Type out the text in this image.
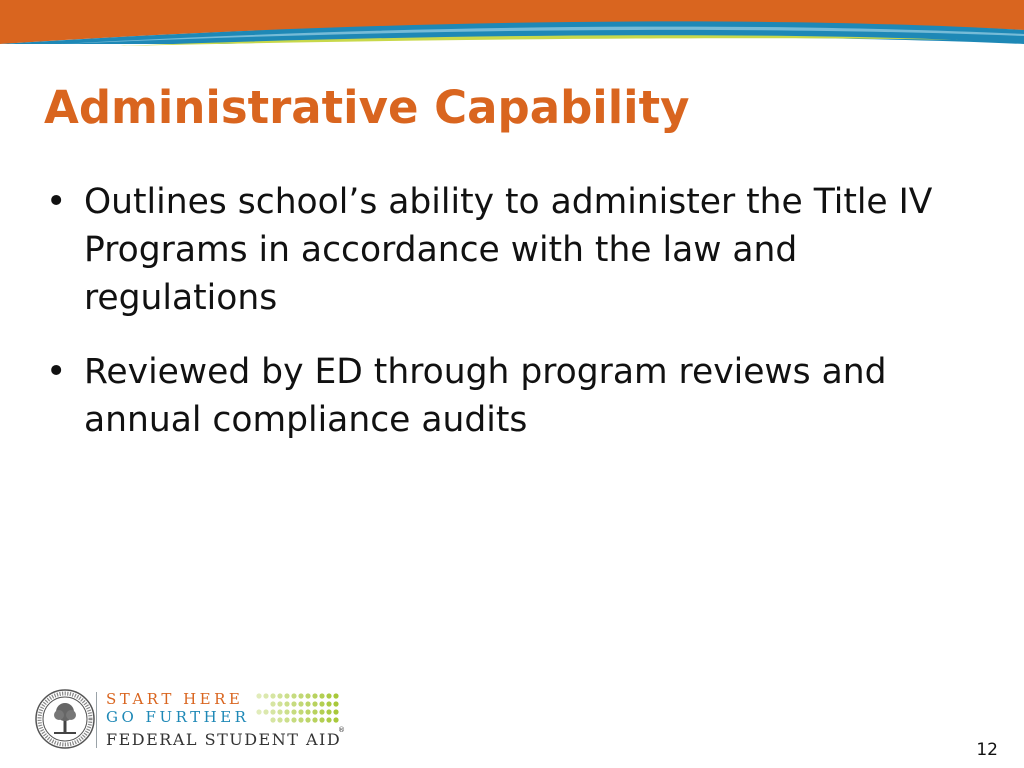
Administrative Capability
• Outlines school’s ability to administer the Title IV Programs in accordance with the law and regulations
• Reviewed by ED through program reviews and annual compliance audits
START HERE
GO FURTHER
FEDERAL STUDENT AID
®
12
